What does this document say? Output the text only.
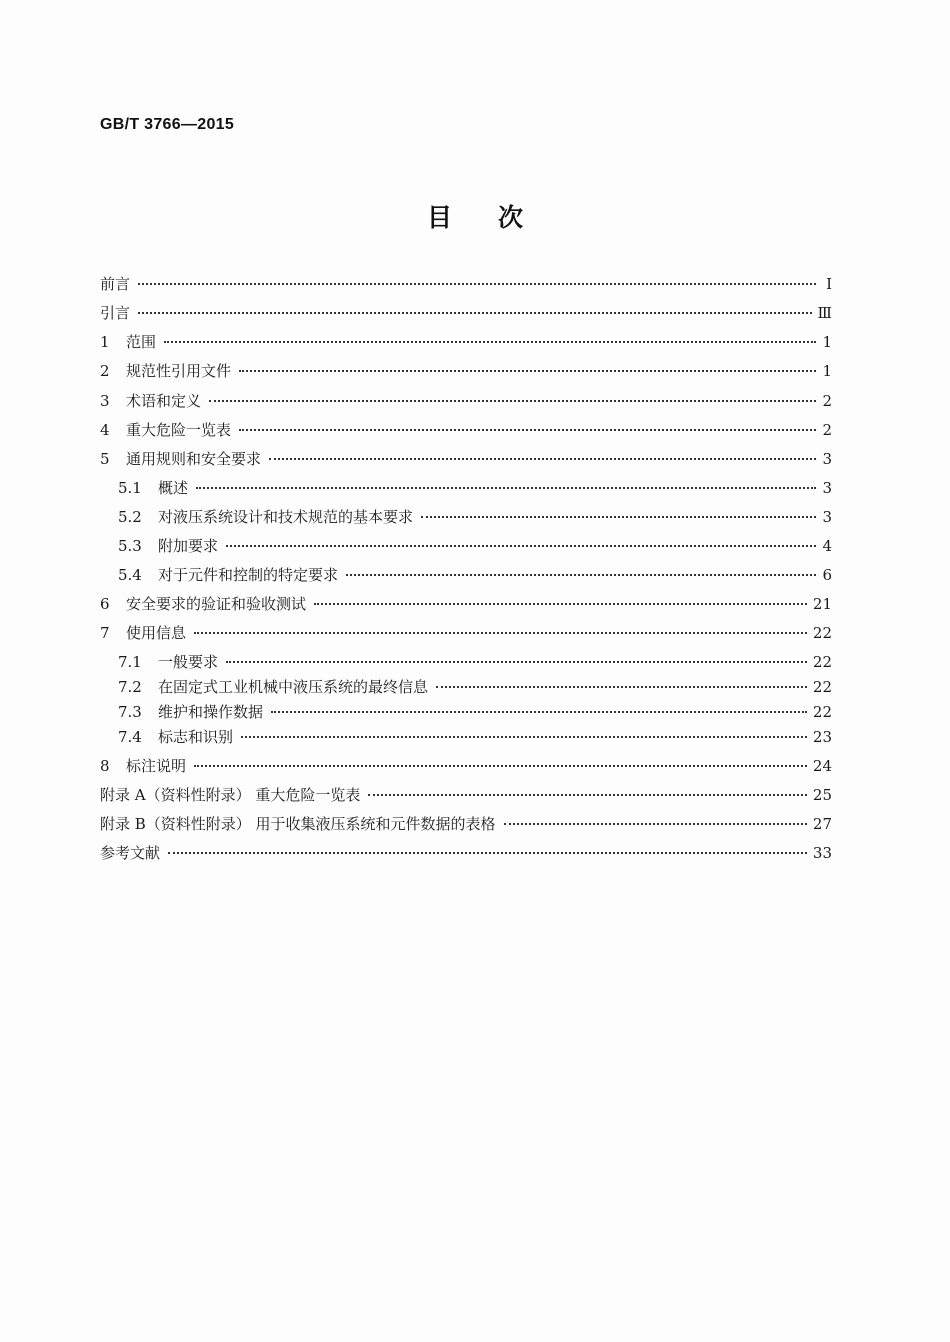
GB/T 3766—2015
目次
前言	Ⅰ
引言	Ⅲ
1	范围	1
2	规范性引用文件	1
3	术语和定义	2
4	重大危险一览表	2
5	通用规则和安全要求	3
5.1	概述	3
5.2	对液压系统设计和技术规范的基本要求	3
5.3	附加要求	4
5.4	对于元件和控制的特定要求	6
6	安全要求的验证和验收测试	21
7	使用信息	22
7.1	一般要求	22
7.2	在固定式工业机械中液压系统的最终信息	22
7.3	维护和操作数据	22
7.4	标志和识别	23
8	标注说明	24
附录 A（资料性附录） 重大危险一览表	25
附录 B（资料性附录） 用于收集液压系统和元件数据的表格	27
参考文献	33
